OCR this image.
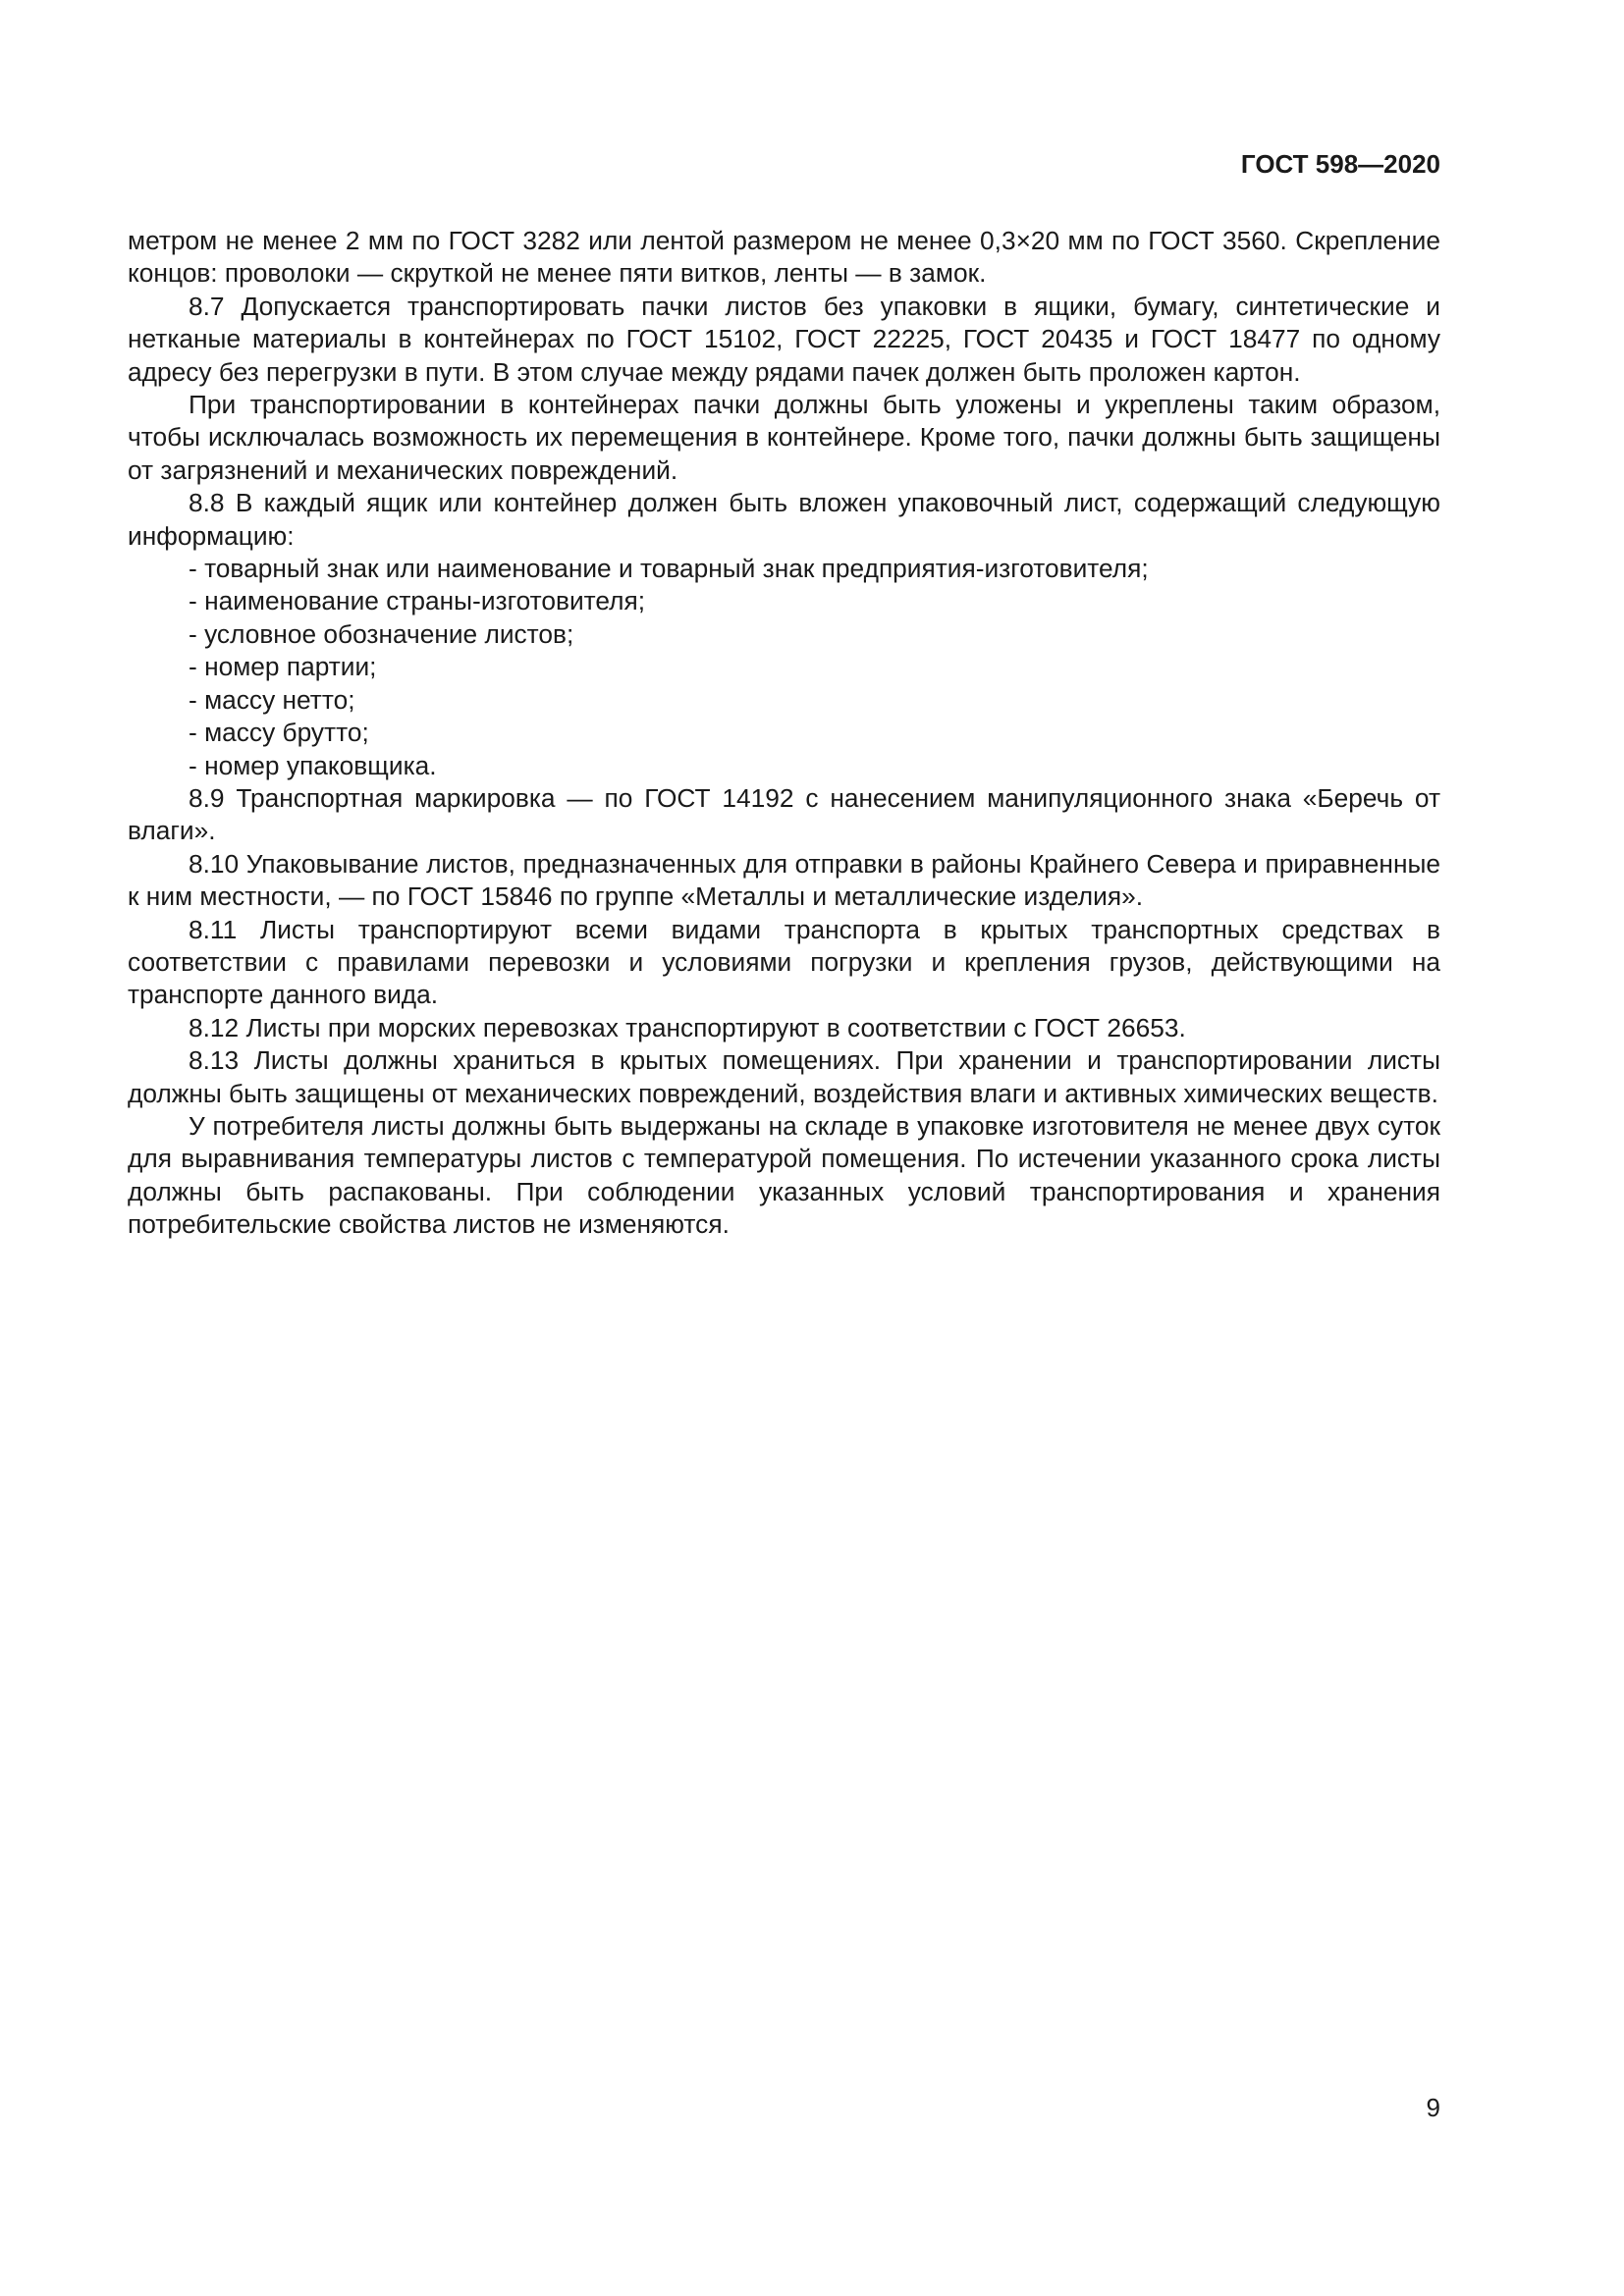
ГОСТ 598—2020

метром не менее 2 мм по ГОСТ 3282 или лентой размером не менее 0,3×20 мм по ГОСТ 3560. Скрепление концов: проволоки — скруткой не менее пяти витков, ленты — в замок.

8.7 Допускается транспортировать пачки листов без упаковки в ящики, бумагу, синтетические и нетканые материалы в контейнерах по ГОСТ 15102, ГОСТ 22225, ГОСТ 20435 и ГОСТ 18477 по одному адресу без перегрузки в пути. В этом случае между рядами пачек должен быть проложен картон.

При транспортировании в контейнерах пачки должны быть уложены и укреплены таким образом, чтобы исключалась возможность их перемещения в контейнере. Кроме того, пачки должны быть защищены от загрязнений и механических повреждений.

8.8 В каждый ящик или контейнер должен быть вложен упаковочный лист, содержащий следующую информацию:

- товарный знак или наименование и товарный знак предприятия-изготовителя;

- наименование страны-изготовителя;

- условное обозначение листов;

- номер партии;

- массу нетто;

- массу брутто;

- номер упаковщика.

8.9 Транспортная маркировка — по ГОСТ 14192 с нанесением манипуляционного знака «Беречь от влаги».

8.10 Упаковывание листов, предназначенных для отправки в районы Крайнего Севера и приравненные к ним местности, — по ГОСТ 15846 по группе «Металлы и металлические изделия».

8.11 Листы транспортируют всеми видами транспорта в крытых транспортных средствах в соответствии с правилами перевозки и условиями погрузки и крепления грузов, действующими на транспорте данного вида.

8.12 Листы при морских перевозках транспортируют в соответствии с ГОСТ 26653.

8.13 Листы должны храниться в крытых помещениях. При хранении и транспортировании листы должны быть защищены от механических повреждений, воздействия влаги и активных химических веществ.

У потребителя листы должны быть выдержаны на складе в упаковке изготовителя не менее двух суток для выравнивания температуры листов с температурой помещения. По истечении указанного срока листы должны быть распакованы. При соблюдении указанных условий транспортирования и хранения потребительские свойства листов не изменяются.

9
